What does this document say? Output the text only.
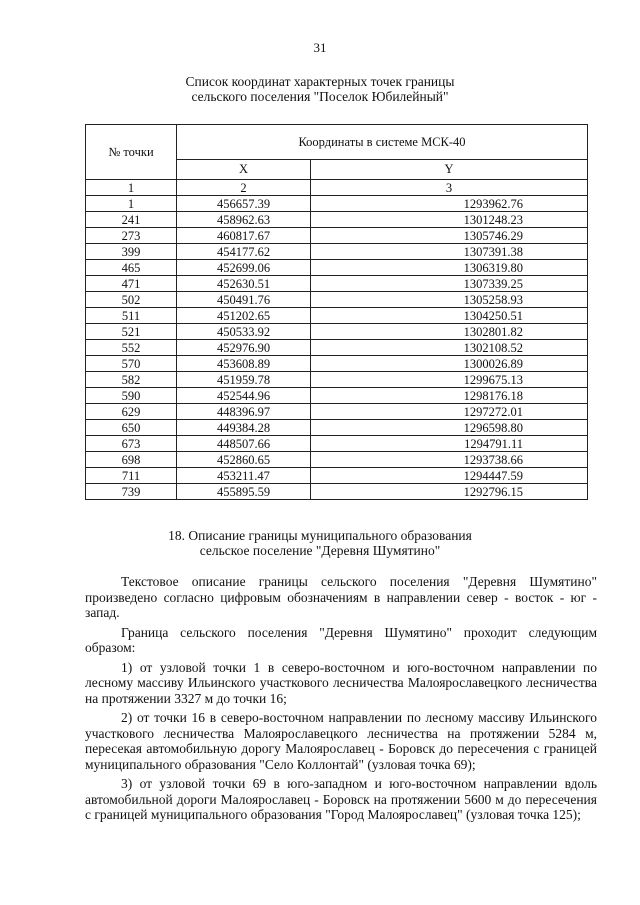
31
Список координат характерных точек границы
сельского поселения "Поселок Юбилейный"
№ точки	Координаты в системе МСК-40	
	X	Y
1	2	3
1	456657.39	1293962.76
241	458962.63	1301248.23
273	460817.67	1305746.29
399	454177.62	1307391.38
465	452699.06	1306319.80
471	452630.51	1307339.25
502	450491.76	1305258.93
511	451202.65	1304250.51
521	450533.92	1302801.82
552	452976.90	1302108.52
570	453608.89	1300026.89
582	451959.78	1299675.13
590	452544.96	1298176.18
629	448396.97	1297272.01
650	449384.28	1296598.80
673	448507.66	1294791.11
698	452860.65	1293738.66
711	453211.47	1294447.59
739	455895.59	1292796.15
18. Описание границы муниципального образования
сельское поселение "Деревня Шумятино"

Текстовое описание границы сельского поселения "Деревня Шумятино" произведено согласно цифровым обозначениям в направлении север - восток - юг - запад.

Граница сельского поселения "Деревня Шумятино" проходит следующим образом:

1) от узловой точки 1 в северо-восточном и юго-восточном направлении по лесному массиву Ильинского участкового лесничества Малоярославецкого лесничества на протяжении 3327 м до точки 16;

2) от точки 16 в северо-восточном направлении по лесному массиву Ильинского участкового лесничества Малоярославецкого лесничества на протяжении 5284 м, пересекая автомобильную дорогу Малоярославец - Боровск до пересечения с границей муниципального образования "Село Коллонтай" (узловая точка 69);

3) от узловой точки 69 в юго-западном и юго-восточном направлении вдоль автомобильной дороги Малоярославец - Боровск на протяжении 5600 м до пересечения с границей муниципального образования "Город Малоярославец" (узловая точка 125);
